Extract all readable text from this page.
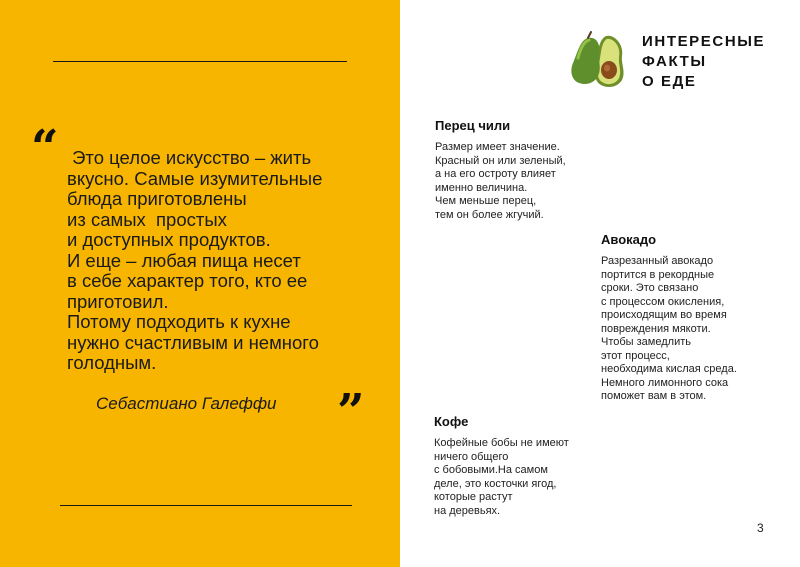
“ Это целое искусство – жить
вкусно. Самые изумительные
блюда приготовлены
из самых  простых
и доступных продуктов.
И еще – любая пища несет
в себе характер того, кто ее
приготовил.
Потому подходить к кухне
нужно счастливым и немного
голодным.

Себастиано Галеффи ”
ИНТЕРЕСНЫЕ
ФАКТЫ
О ЕДЕ
Перец чили

Размер имеет значение.
Красный он или зеленый,
а на его остроту влияет
именно величина.
Чем меньше перец,
тем он более жгучий.

Авокадо

Разрезанный авокадо
портится в рекордные
сроки. Это связано
с процессом окисления,
происходящим во время
повреждения мякоти.
Чтобы замедлить
этот процесс,
необходима кислая среда.
Немного лимонного сока
поможет вам в этом.

Кофе

Кофейные бобы не имеют
ничего общего
с бобовыми.На самом
деле, это косточки ягод,
которые растут
на деревьях.

3
